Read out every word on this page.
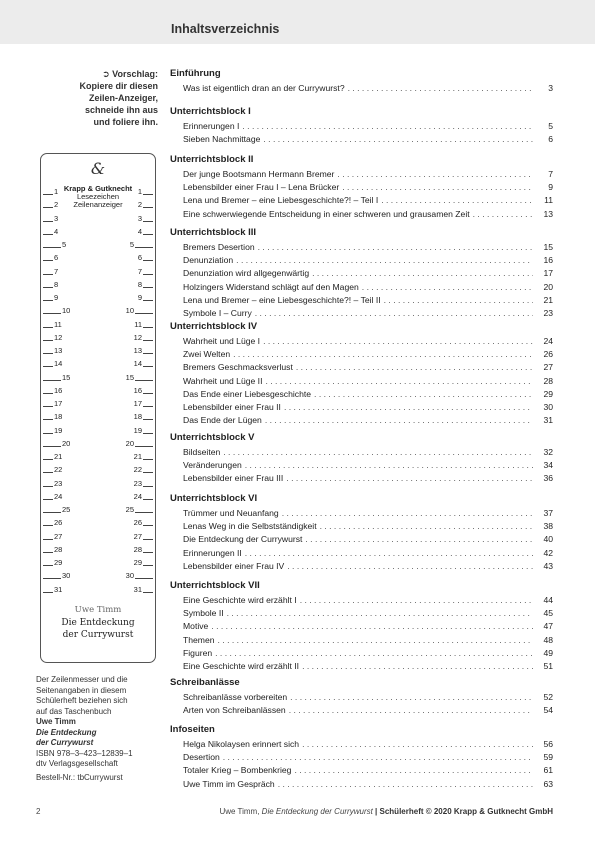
Inhaltsverzeichnis
➲ Vorschlag:
Kopiere dir diesen
Zeilen-Anzeiger,
schneide ihn aus
und foliere ihn.
&
Krapp & Gutknecht
Lesezeichen
Zeilenanzeiger
Uwe Timm
Die Entdeckung
der Currywurst
1	1
2	2
3	3
4	4
5	5
6	6
7	7
8	8
9	9
10	10
11	11
12	12
13	13
14	14
15	15
16	16
17	17
18	18
19	19
20	20
21	21
22	22
23	23
24	24
25	25
26	26
27	27
28	28
29	29
30	30
31	31
Der Zeilenmesser und die
Seitenangaben in diesem
Schülerheft beziehen sich
auf das Taschenbuch
Uwe Timm
Die Entdeckung
der Currywurst
ISBN 978–3–423–12839–1
dtv Verlagsgesellschaft
Bestell-Nr.: tbCurrywurst
Einführung
Was ist eigentlich dran an der Currywurst? . . .	3
Unterrichtsblock I
Erinnerungen I . . .	5
Sieben Nachmittage . . .	6
Unterrichtsblock II
Der junge Bootsmann Hermann Bremer . . .	7
Lebensbilder einer Frau I – Lena Brücker . . .	9
Lena und Bremer – eine Liebesgeschichte?! – Teil I . . .	11
Eine schwerwiegende Entscheidung in einer schweren und grausamen Zeit . . .	13
Unterrichtsblock III
Bremers Desertion . . .	15
Denunziation . . .	16
Denunziation wird allgegenwärtig . . .	17
Holzingers Widerstand schlägt auf den Magen . . .	20
Lena und Bremer – eine Liebesgeschichte?! – Teil II . . .	21
Symbole I – Curry . . .	23
Unterrichtsblock IV
Wahrheit und Lüge I . . .	24
Zwei Welten . . .	26
Bremers Geschmacksverlust . . .	27
Wahrheit und Lüge II . . .	28
Das Ende einer Liebesgeschichte . . .	29
Lebensbilder einer Frau II . . .	30
Das Ende der Lügen . . .	31
Unterrichtsblock V
Bildseiten . . .	32
Veränderungen . . .	34
Lebensbilder einer Frau III . . .	36
Unterrichtsblock VI
Trümmer und Neuanfang . . .	37
Lenas Weg in die Selbstständigkeit . . .	38
Die Entdeckung der Currywurst . . .	40
Erinnerungen II . . .	42
Lebensbilder einer Frau IV . . .	43
Unterrichtsblock VII
Eine Geschichte wird erzählt I . . .	44
Symbole II . . .	45
Motive . . .	47
Themen . . .	48
Figuren . . .	49
Eine Geschichte wird erzählt II . . .	51
Schreibanlässe
Schreibanlässe vorbereiten . . .	52
Arten von Schreibanlässen . . .	54
Infoseiten
Helga Nikolaysen erinnert sich . . .	56
Desertion . . .	59
Totaler Krieg – Bombenkrieg . . .	61
Uwe Timm im Gespräch . . .	63
2	Uwe Timm, Die Entdeckung der Currywurst | Schülerheft © 2020 Krapp & Gutknecht GmbH
